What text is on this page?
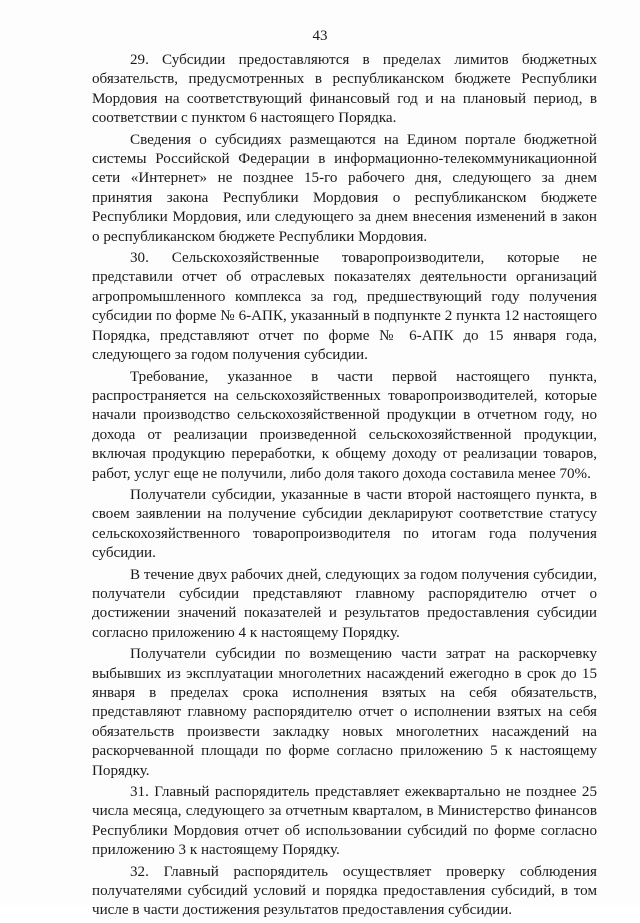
43

29. Субсидии предоставляются в пределах лимитов бюджетных обязательств, предусмотренных в республиканском бюджете Республики Мордовия на соответствующий финансовый год и на плановый период, в соответствии с пунктом 6 настоящего Порядка.

Сведения о субсидиях размещаются на Едином портале бюджетной системы Российской Федерации в информационно-телекоммуникационной сети «Интернет» не позднее 15-го рабочего дня, следующего за днем принятия закона Республики Мордовия о республиканском бюджете Республики Мордовия, или следующего за днем внесения изменений в закон о республиканском бюджете Республики Мордовия.

30. Сельскохозяйственные товаропроизводители, которые не представили отчет об отраслевых показателях деятельности организаций агропромышленного комплекса за год, предшествующий году получения субсидии по форме № 6-АПК, указанный в подпункте 2 пункта 12 настоящего Порядка, представляют отчет по форме № 6-АПК до 15 января года, следующего за годом получения субсидии.

Требование, указанное в части первой настоящего пункта, распространяется на сельскохозяйственных товаропроизводителей, которые начали производство сельскохозяйственной продукции в отчетном году, но дохода от реализации произведенной сельскохозяйственной продукции, включая продукцию переработки, к общему доходу от реализации товаров, работ, услуг еще не получили, либо доля такого дохода составила менее 70%.

Получатели субсидии, указанные в части второй настоящего пункта, в своем заявлении на получение субсидии декларируют соответствие статусу сельскохозяйственного товаропроизводителя по итогам года получения субсидии.

В течение двух рабочих дней, следующих за годом получения субсидии, получатели субсидии представляют главному распорядителю отчет о достижении значений показателей и результатов предоставления субсидии согласно приложению 4 к настоящему Порядку.

Получатели субсидии по возмещению части затрат на раскорчевку выбывших из эксплуатации многолетних насаждений ежегодно в срок до 15 января в пределах срока исполнения взятых на себя обязательств, представляют главному распорядителю отчет о исполнении взятых на себя обязательств произвести закладку новых многолетних насаждений на раскорчеванной площади по форме согласно приложению 5 к настоящему Порядку.

31. Главный распорядитель представляет ежеквартально не позднее 25 числа месяца, следующего за отчетным кварталом, в Министерство финансов Республики Мордовия отчет об использовании субсидий по форме согласно приложению 3 к настоящему Порядку.

32. Главный распорядитель осуществляет проверку соблюдения получателями субсидий условий и порядка предоставления субсидий, в том числе в части достижения результатов предоставления субсидии.
